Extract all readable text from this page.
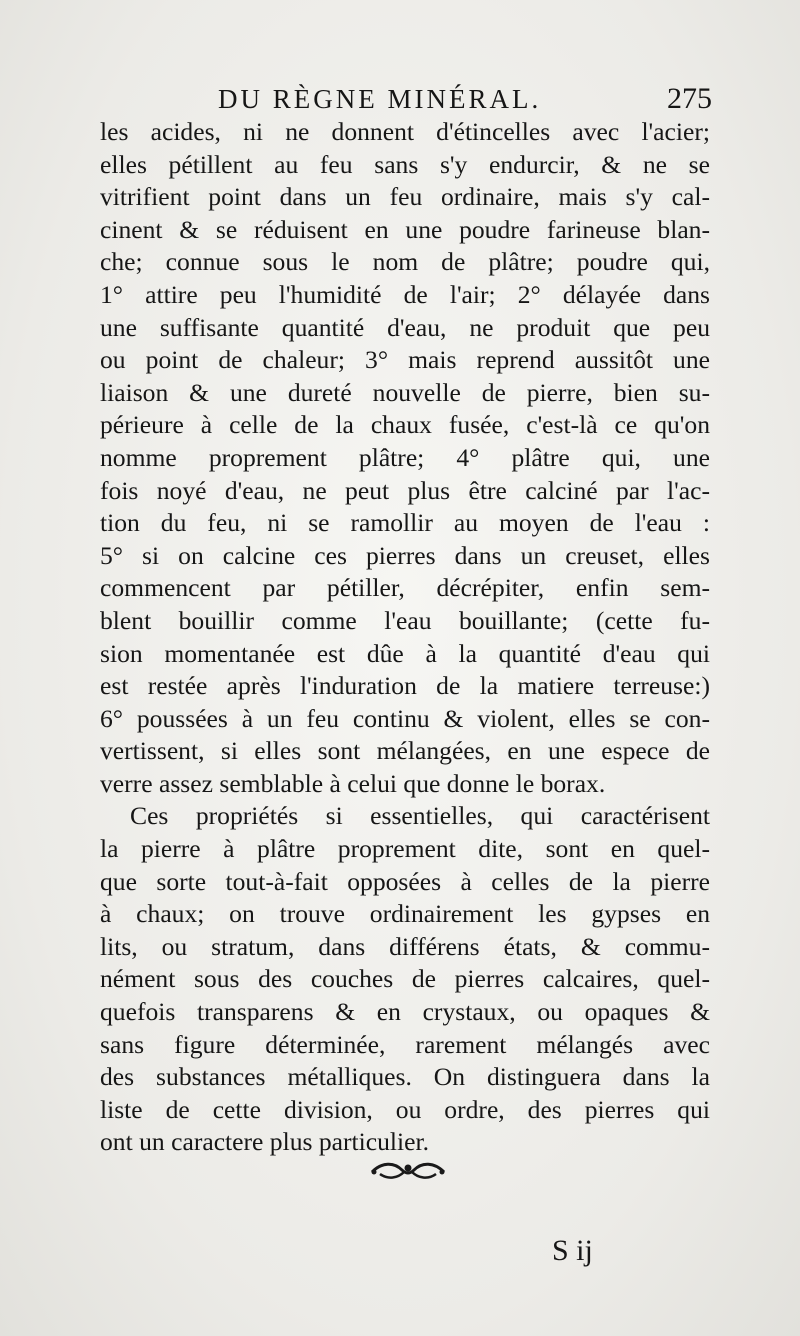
DU RÈGNE MINÉRAL.	275
les acides, ni ne donnent d'étincelles avec l'acier;
elles pétillent au feu sans s'y endurcir, & ne se
vitrifient point dans un feu ordinaire, mais s'y cal-
cinent & se réduisent en une poudre farineuse blan-
che; connue sous le nom de plâtre; poudre qui,
1° attire peu l'humidité de l'air; 2° délayée dans
une suffisante quantité d'eau, ne produit que peu
ou point de chaleur; 3° mais reprend aussitôt une
liaison & une dureté nouvelle de pierre, bien su-
périeure à celle de la chaux fusée, c'est-là ce qu'on
nomme proprement plâtre; 4° plâtre qui, une
fois noyé d'eau, ne peut plus être calciné par l'ac-
tion du feu, ni se ramollir au moyen de l'eau :
5° si on calcine ces pierres dans un creuset, elles
commencent par pétiller, décrépiter, enfin sem-
blent bouillir comme l'eau bouillante; (cette fu-
sion momentanée est dûe à la quantité d'eau qui
est restée après l'induration de la matiere terreuse:)
6° poussées à un feu continu & violent, elles se con-
vertissent, si elles sont mélangées, en une espece de
verre assez semblable à celui que donne le borax.
Ces propriétés si essentielles, qui caractérisent
la pierre à plâtre proprement dite, sont en quel-
que sorte tout-à-fait opposées à celles de la pierre
à chaux; on trouve ordinairement les gypses en
lits, ou stratum, dans différens états, & commu-
nément sous des couches de pierres calcaires, quel-
quefois transparens & en crystaux, ou opaques &
sans figure déterminée, rarement mélangés avec
des substances métalliques. On distinguera dans la
liste de cette division, ou ordre, des pierres qui
ont un caractere plus particulier.
S ij
